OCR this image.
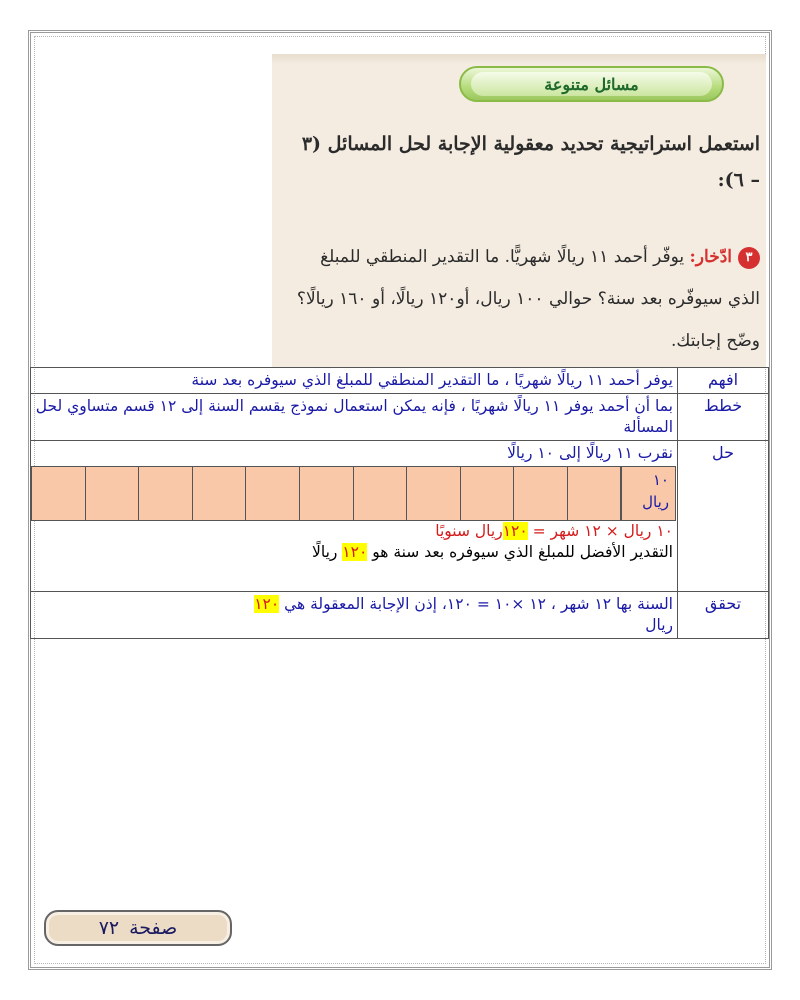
مسائل متنوعة

استعمل استراتيجية تحديد معقولية الإجابة لحل المسائل (٣ – ٦):

٣ادّخار: يوفّر أحمد ١١ ريالًا شهريًّا. ما التقدير المنطقي للمبلغ الذي سيوفّره بعد سنة؟ حوالي ١٠٠ ريال، أو١٢٠ ريالًا، أو ١٦٠ ريالًا؟ وضّح إجابتك.

افهم	يوفر أحمد ١١ ريالًا شهريًا ، ما التقدير المنطقي للمبلغ الذي سيوفره بعد سنة
خطط	بما أن أحمد يوفر ١١ ريالًا شهريًا ، فإنه يمكن استعمال نموذج يقسم السنة إلى ١٢ قسم متساوي لحل المسألة
حل	نقرب ١١ ريالًا إلى ١٠ ريالًا
١٠
ريال
١٠ ريال × ١٢ شهر = ١٢٠ريال سنويًا
التقدير الأفضل للمبلغ الذي سيوفره بعد سنة هو ١٢٠ ريالًا

تحقق	السنة بها ١٢ شهر ، ١٢ ×١٠ = ١٢٠، إذن الإجابة المعقولة هي ١٢٠
ريال
صفحة
٧٢
